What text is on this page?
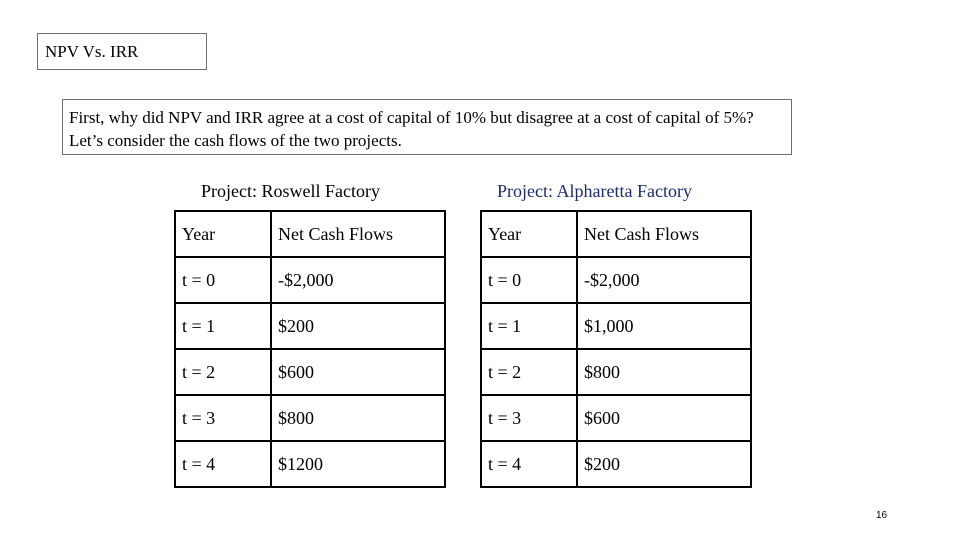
NPV Vs. IRR
First, why did NPV and IRR agree at a cost of capital of 10% but disagree at a cost of capital of 5%? Let’s consider the cash flows of the two projects.
Project: Roswell Factory	Project: Alpharetta Factory
Year	Net Cash Flows
t = 0	-$2,000
t = 1	$200
t = 2	$600
t = 3	$800
t = 4	$1200
Year	Net Cash Flows
t = 0	-$2,000
t = 1	$1,000
t = 2	$800
t = 3	$600
t = 4	$200
16
